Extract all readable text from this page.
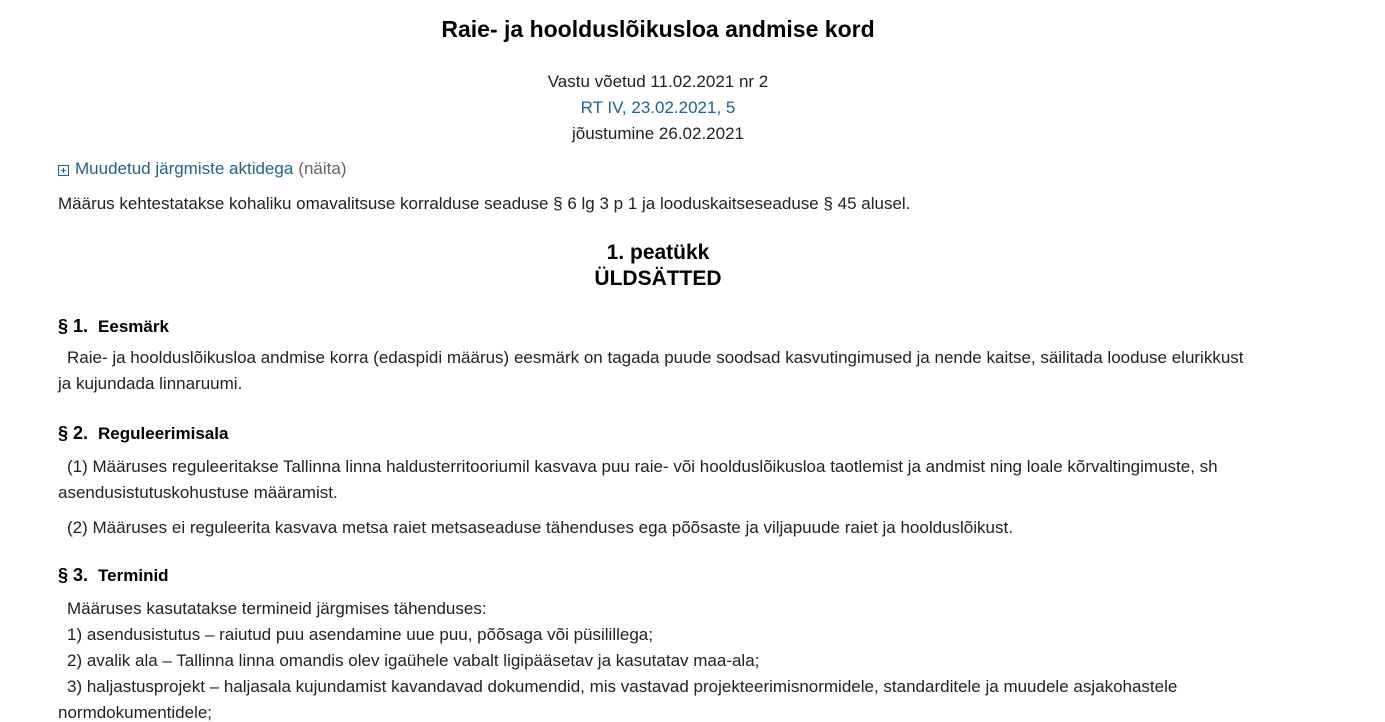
Raie- ja hoolduslõikusloa andmise kord
Vastu võetud 11.02.2021 nr 2
RT IV, 23.02.2021, 5
jõustumine 26.02.2021
Muudetud järgmiste aktidega (näita)
Määrus kehtestatakse kohaliku omavalitsuse korralduse seaduse § 6 lg 3 p 1 ja looduskaitseseaduse § 45 alusel.
1. peatükk
ÜLDSÄTTED
§ 1. Eesmärk
Raie- ja hoolduslõikusloa andmise korra (edaspidi määrus) eesmärk on tagada puude soodsad kasvutingimused ja nende kaitse, säilitada looduse elurikkust ja kujundada linnaruumi.
§ 2. Reguleerimisala
(1) Määruses reguleeritakse Tallinna linna haldusterritooriumil kasvava puu raie- või hoolduslõikusloa taotlemist ja andmist ning loale kõrvaltingimuste, sh asendusistutuskohustuse määramist.
(2) Määruses ei reguleerita kasvava metsa raiet metsaseaduse tähenduses ega põõsaste ja viljapuude raiet ja hoolduslõikust.
§ 3. Terminid
Määruses kasutatakse termineid järgmises tähenduses:
1) asendusistutus – raiutud puu asendamine uue puu, põõsaga või püsilillega;
2) avalik ala – Tallinna linna omandis olev igaühele vabalt ligipääsetav ja kasutatav maa-ala;
3) haljastusprojekt – haljasala kujundamist kavandavad dokumendid, mis vastavad projekteerimisnormidele, standarditele ja muudele asjakohastele normdokumentidele;
